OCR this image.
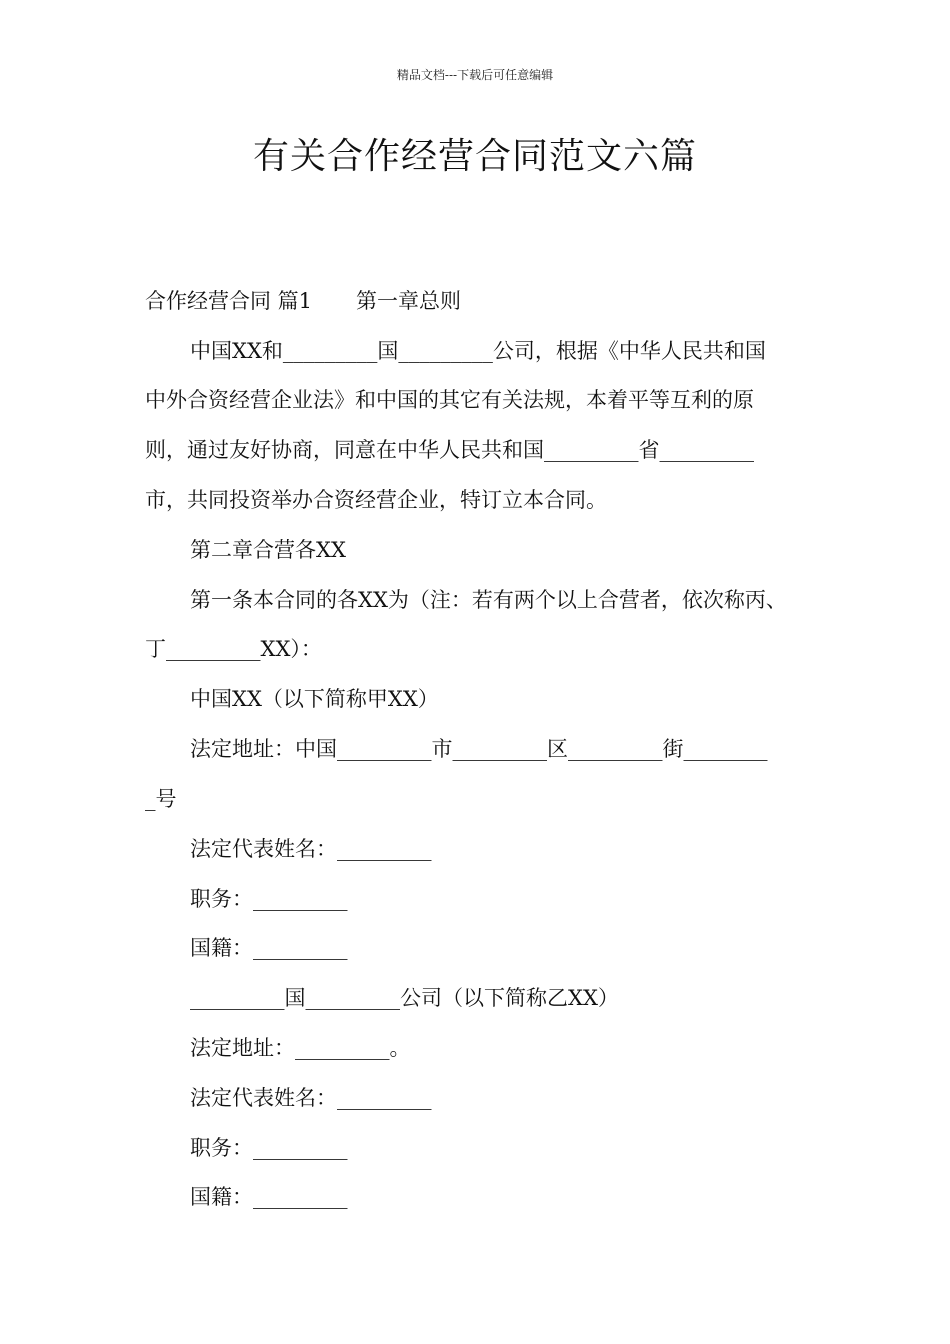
精品文档---下载后可任意编辑
有关合作经营合同范文六篇
合作经营合同 篇1 第一章总则
中国XX和_________国_________公司，根据《中华人民共和国
中外合资经营企业法》和中国的其它有关法规，本着平等互利的原
则，通过友好协商，同意在中华人民共和国_________省_________
市，共同投资举办合资经营企业，特订立本合同。
第二章合营各XX
第一条本合同的各XX为（注：若有两个以上合营者，依次称丙、
丁_________XX）：
中国XX（以下简称甲XX）
法定地址：中国_________市_________区_________街________
_号
法定代表姓名：_________
职务：_________
国籍：_________
_________国_________公司（以下简称乙XX）
法定地址：_________。
法定代表姓名：_________
职务：_________
国籍：_________
